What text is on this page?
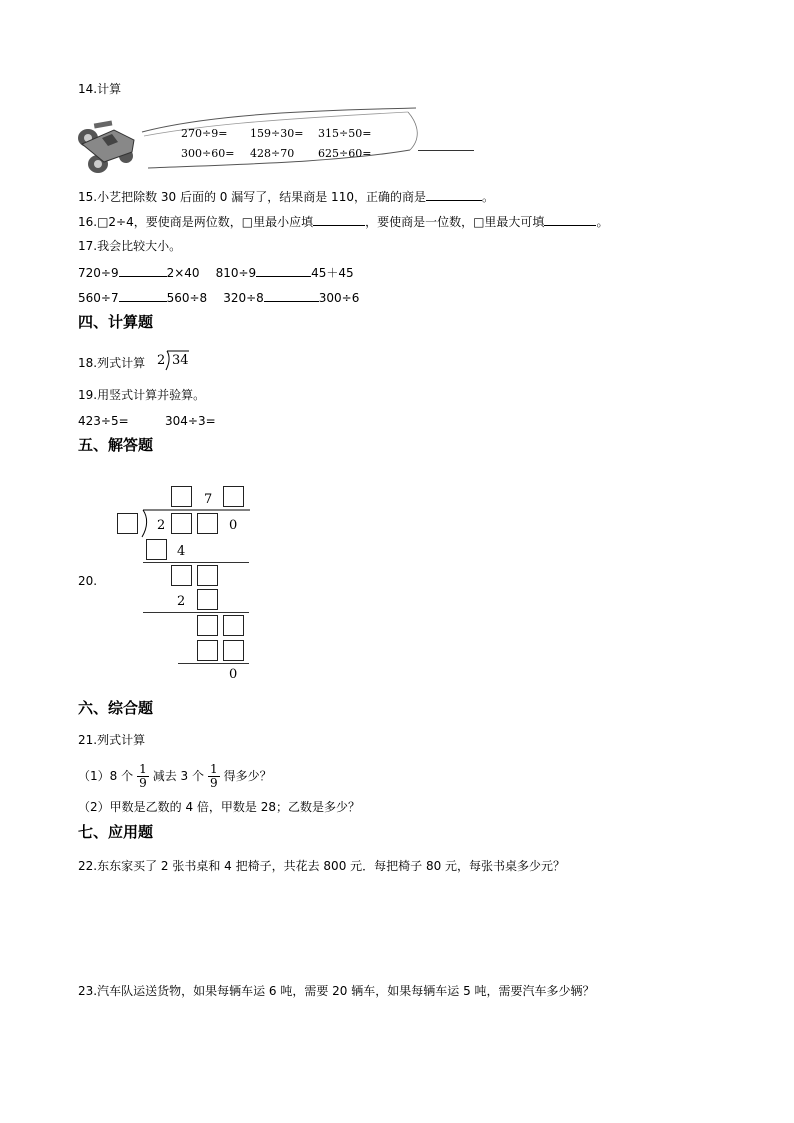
14.计算
270÷9= 159÷30= 315÷50=
300÷60= 428÷70 625÷60=
15.小艺把除数 30 后面的 0 漏写了，结果商是 110，正确的商是	。
16.□2÷4，要使商是两位数，□里最小应填	，要使商是一位数，□里最大可填	。
17.我会比较大小。
720÷9	2×40 810÷9	45＋45
560÷7	560÷8 320÷8	300÷6
四、计算题
18.列式计算 2 34
19.用竖式计算并验算。
423÷5=	304÷3=
五、解答题
20.
7
2	0
4
2
0
六、综合题
21.列式计算
（1）8 个 $\frac{1}{9}$ 减去 3 个 $\frac{1}{9}$ 得多少？
（2）甲数是乙数的 4 倍，甲数是 28；乙数是多少？
七、应用题
22.东东家买了 2 张书桌和 4 把椅子，共花去 800 元．每把椅子 80 元，每张书桌多少元？
23.汽车队运送货物，如果每辆车运 6 吨，需要 20 辆车，如果每辆车运 5 吨，需要汽车多少辆？
